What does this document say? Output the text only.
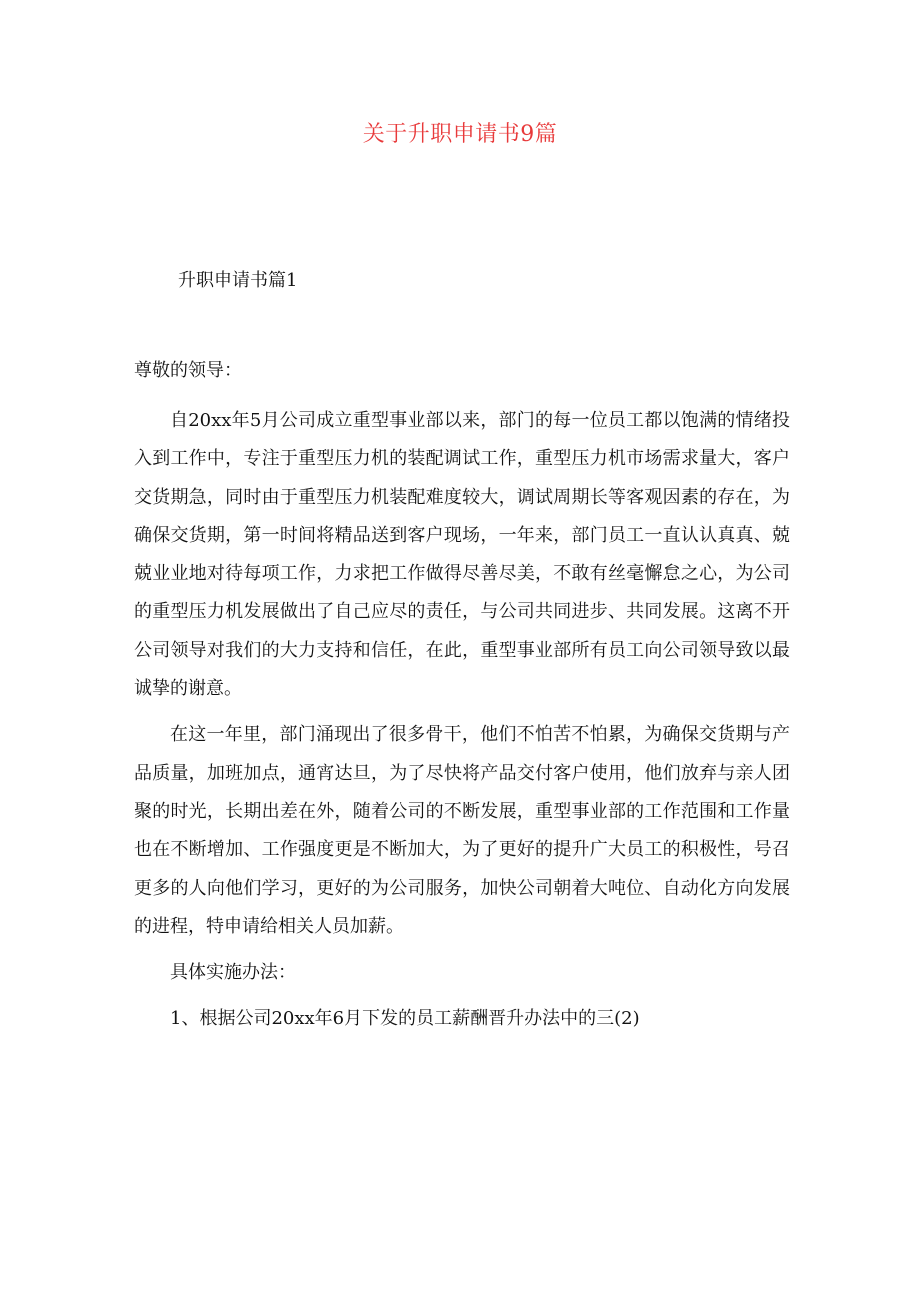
关于升职申请书9篇
升职申请书篇1
尊敬的领导：

自20xx年5月公司成立重型事业部以来，部门的每一位员工都以饱满的情绪投入到工作中，专注于重型压力机的装配调试工作，重型压力机市场需求量大，客户交货期急，同时由于重型压力机装配难度较大，调试周期长等客观因素的存在，为确保交货期，第一时间将精品送到客户现场，一年来，部门员工一直认认真真、兢兢业业地对待每项工作，力求把工作做得尽善尽美，不敢有丝毫懈怠之心，为公司的重型压力机发展做出了自己应尽的责任，与公司共同进步、共同发展。这离不开公司领导对我们的大力支持和信任，在此，重型事业部所有员工向公司领导致以最诚挚的谢意。

在这一年里，部门涌现出了很多骨干，他们不怕苦不怕累，为确保交货期与产品质量，加班加点，通宵达旦，为了尽快将产品交付客户使用，他们放弃与亲人团聚的时光，长期出差在外，随着公司的不断发展，重型事业部的工作范围和工作量也在不断增加、工作强度更是不断加大，为了更好的提升广大员工的积极性，号召更多的人向他们学习，更好的为公司服务，加快公司朝着大吨位、自动化方向发展的进程，特申请给相关人员加薪。

具体实施办法：

1、根据公司20xx年6月下发的员工薪酬晋升办法中的三(2)
